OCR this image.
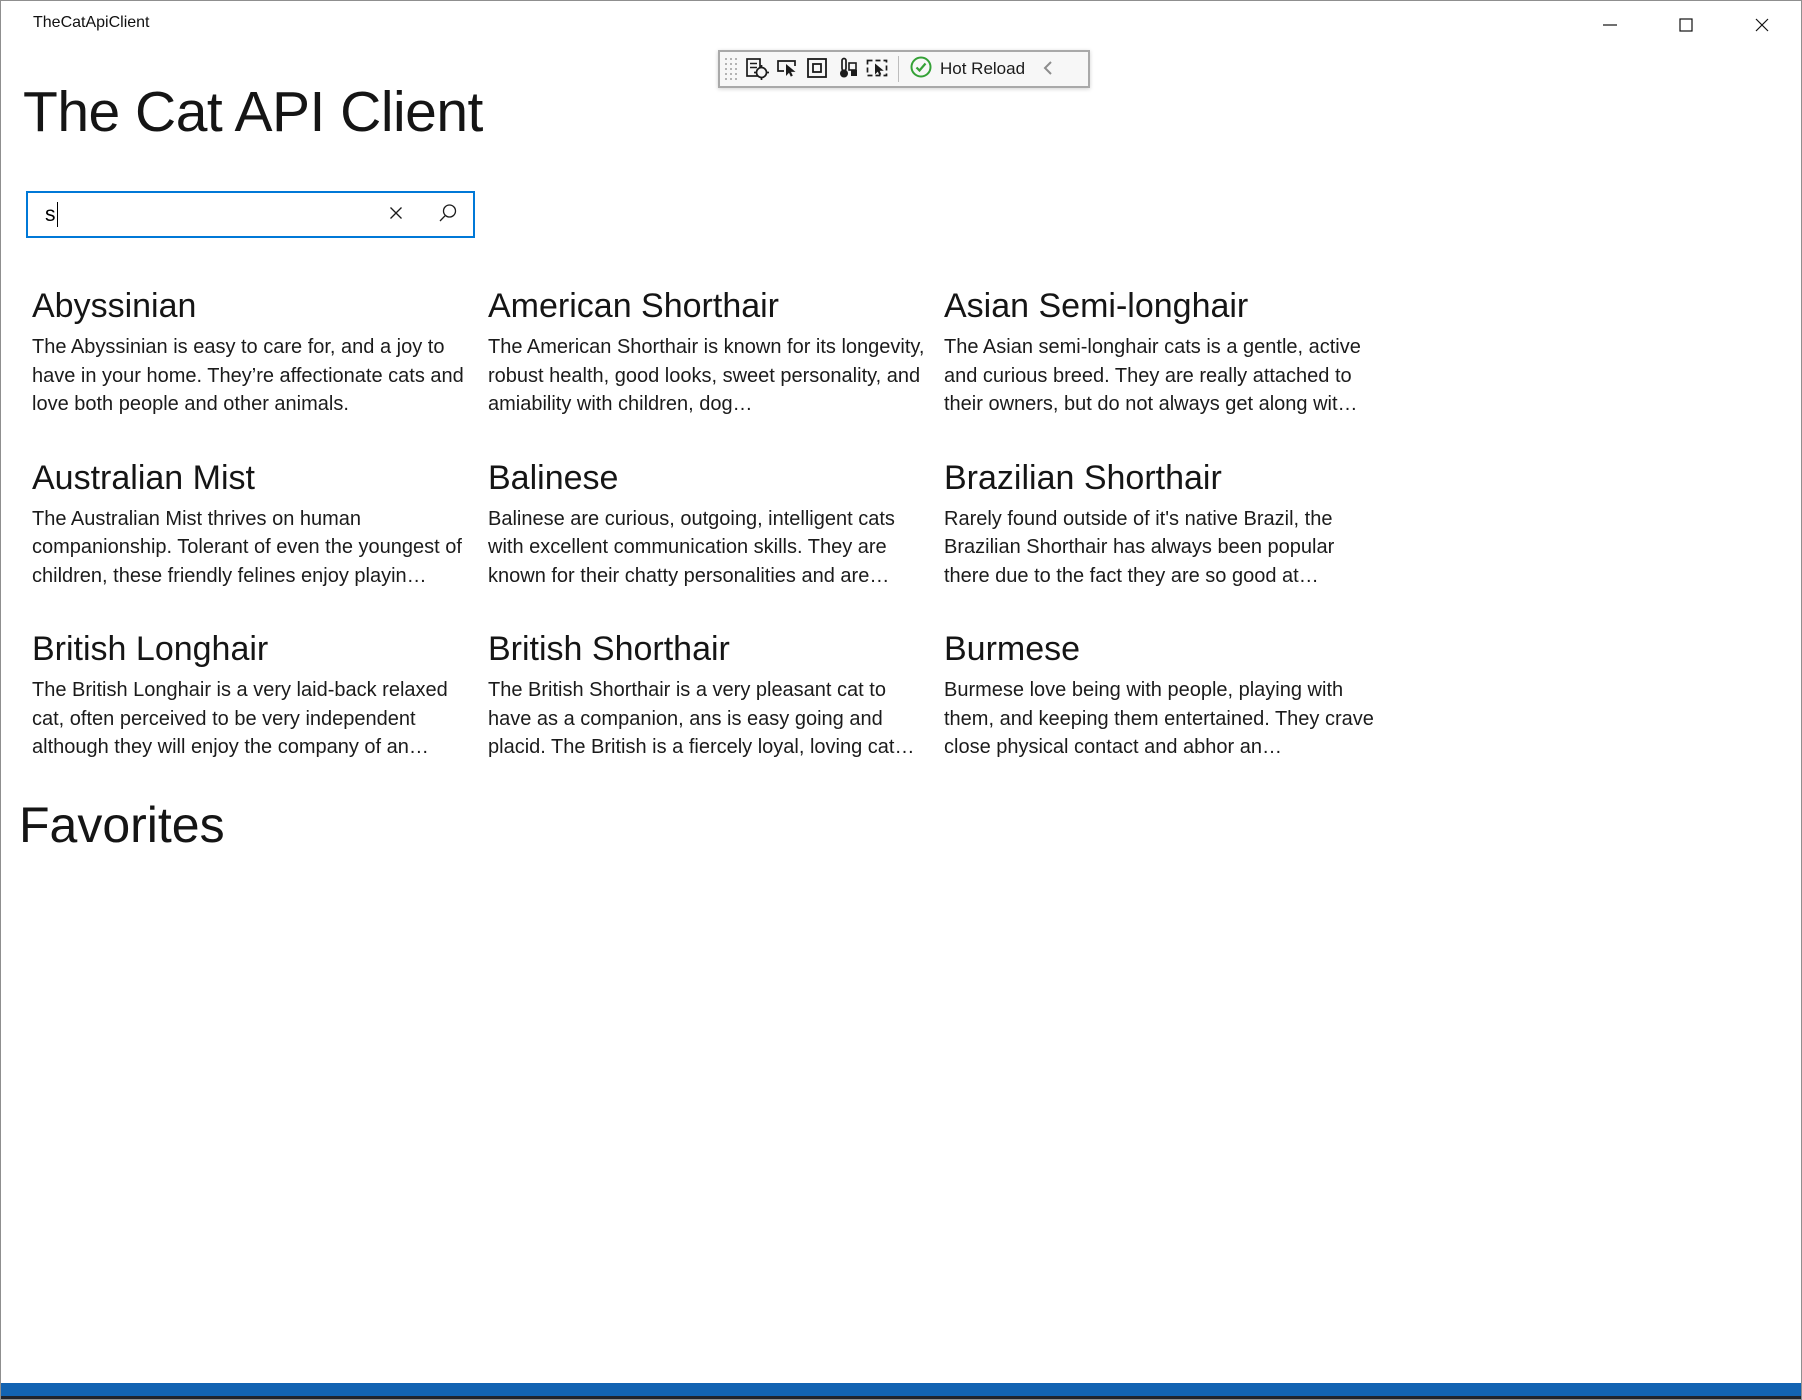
TheCatApiClient
Hot Reload
The Cat API Client
s
Abyssinian
The Abyssinian is easy to care for, and a joy to have in your home. They’re affectionate cats and love both people and other animals.
American Shorthair
The American Shorthair is known for its longevity, robust health, good looks, sweet personality, and amiability with children, dog…
Asian Semi-longhair
The Asian semi-longhair cats is a gentle, active and curious breed. They are really attached to their owners, but do not always get along wit…
Australian Mist
The Australian Mist thrives on human companionship. Tolerant of even the youngest of children, these friendly felines enjoy playin…
Balinese
Balinese are curious, outgoing, intelligent cats with excellent communication skills. They are known for their chatty personalities and are…
Brazilian Shorthair
Rarely found outside of it's native Brazil, the Brazilian Shorthair has always been popular there due to the fact they are so good at…
British Longhair
The British Longhair is a very laid-back relaxed cat, often perceived to be very independent although they will enjoy the company of an…
British Shorthair
The British Shorthair is a very pleasant cat to have as a companion, ans is easy going and placid. The British is a fiercely loyal, loving cat…
Burmese
Burmese love being with people, playing with them, and keeping them entertained. They crave close physical contact and abhor an…
Favorites
